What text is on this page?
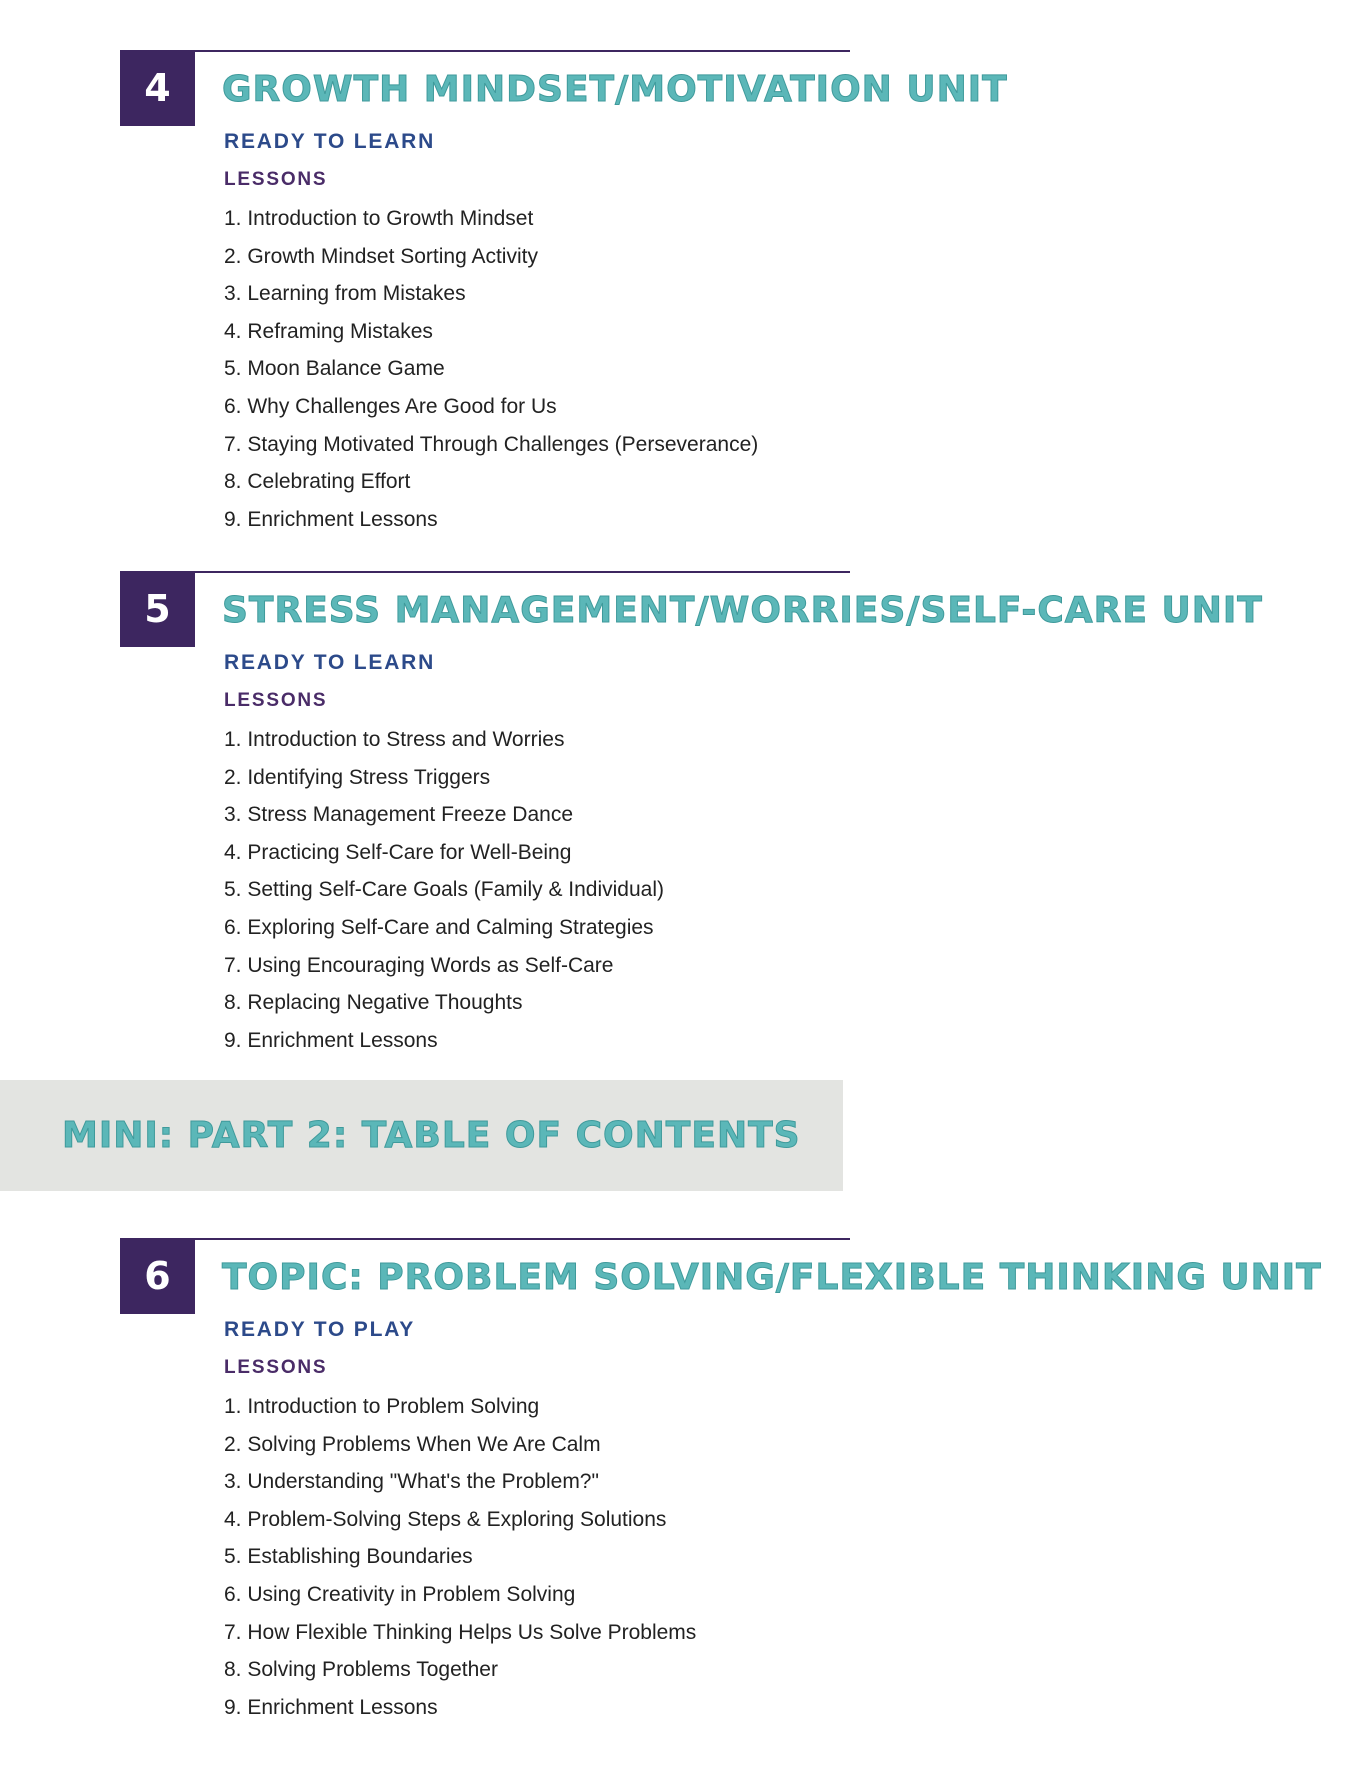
4	GROWTH MINDSET/MOTIVATION UNIT
READY TO LEARN
LESSONS
1. Introduction to Growth Mindset
2. Growth Mindset Sorting Activity
3. Learning from Mistakes
4. Reframing Mistakes
5. Moon Balance Game
6. Why Challenges Are Good for Us
7. Staying Motivated Through Challenges (Perseverance)
8. Celebrating Effort
9. Enrichment Lessons
5	STRESS MANAGEMENT/WORRIES/SELF-CARE UNIT
READY TO LEARN
LESSONS
1. Introduction to Stress and Worries
2. Identifying Stress Triggers
3. Stress Management Freeze Dance
4. Practicing Self-Care for Well-Being
5. Setting Self-Care Goals (Family & Individual)
6. Exploring Self-Care and Calming Strategies
7. Using Encouraging Words as Self-Care
8. Replacing Negative Thoughts
9. Enrichment Lessons
MINI: PART 2: TABLE OF CONTENTS
6	TOPIC: PROBLEM SOLVING/FLEXIBLE THINKING UNIT
READY TO PLAY
LESSONS
1. Introduction to Problem Solving
2. Solving Problems When We Are Calm
3. Understanding "What's the Problem?"
4. Problem-Solving Steps & Exploring Solutions
5. Establishing Boundaries
6. Using Creativity in Problem Solving
7. How Flexible Thinking Helps Us Solve Problems
8. Solving Problems Together
9. Enrichment Lessons
